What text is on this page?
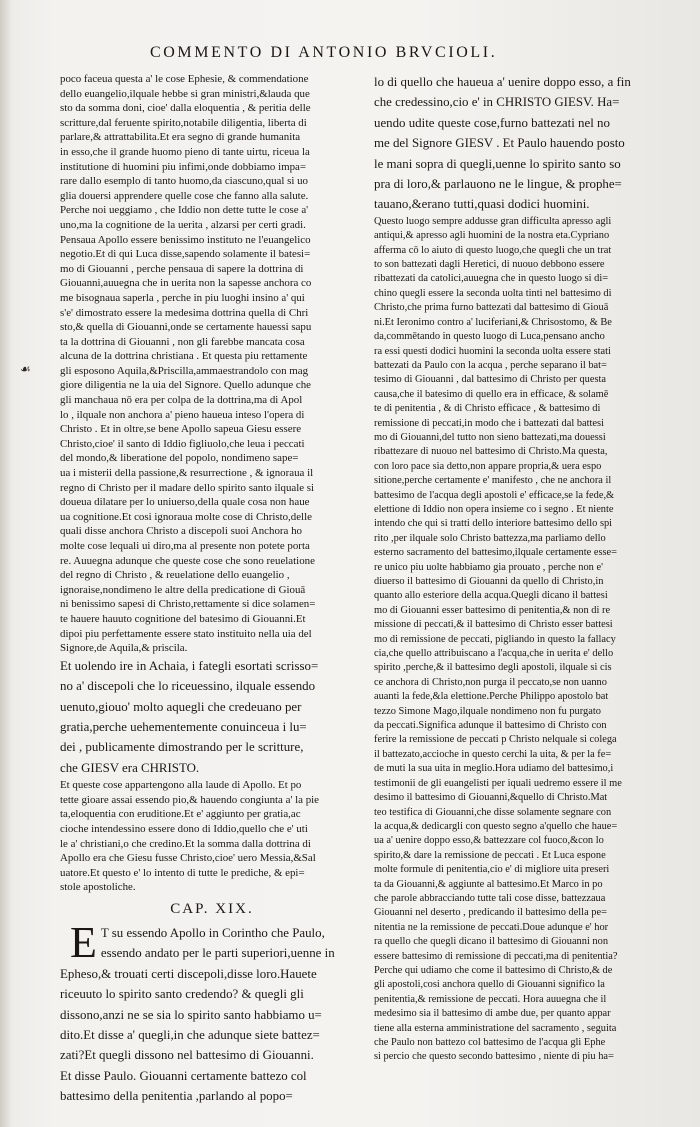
COMMENTO DI ANTONIO BRVCIOLI.
☙
poco faceua questa a' le cose Ephesie, & commendatione
dello euangelio,ilquale hebbe si gran ministri,&lauda que
sto da somma doni, cioe' dalla eloquentia , & peritia delle
scritture,dal feruente spirito,notabile diligentia, liberta di
parlare,& attrattabilita.Et era segno di grande humanita
in esso,che il grande huomo pieno di tante uirtu, riceua la
institutione di huomini piu infimi,onde dobbiamo impa=
rare dallo esemplo di tanto huomo,da ciascuno,qual si uo
glia douersi apprendere quelle cose che fanno alla salute.
Perche noi ueggiamo , che Iddio non dette tutte le cose a'
uno,ma la cognitione de la uerita , alzarsi per certi gradi.
Pensaua Apollo essere benissimo instituto ne l'euangelico
negotio.Et di qui Luca disse,sapendo solamente il batesi=
mo di Giouanni , perche pensaua di sapere la dottrina di
Giouanni,auuegna che in uerita non la sapesse anchora co
me bisognaua saperla , perche in piu luoghi insino a' qui
s'e' dimostrato essere la medesima dottrina quella di Chri
sto,& quella di Giouanni,onde se certamente hauessi sapu
ta la dottrina di Giouanni , non gli farebbe mancata cosa
alcuna de la dottrina christiana . Et questa piu rettamente
gli esposono Aquila,&Priscilla,ammaestrandolo con mag
giore diligentia ne la uia del Signore. Quello adunque che
gli manchaua nō era per colpa de la dottrina,ma di Apol
lo , ilquale non anchora a' pieno haueua inteso l'opera di
Christo . Et in oltre,se bene Apollo sapeua Giesu essere
Christo,cioe' il santo di Iddio figliuolo,che leua i peccati
del mondo,& liberatione del popolo, nondimeno sape=
ua i misterii della passione,& resurrectione , & ignoraua il
regno di Christo per il madare dello spirito santo ilquale si
doueua dilatare per lo uniuerso,della quale cosa non haue
ua cognitione.Et cosi ignoraua molte cose di Christo,delle
quali disse anchora Christo a discepoli suoi Anchora ho
molte cose lequali ui diro,ma al presente non potete porta
re. Auuegna adunque che queste cose che sono reuelatione
del regno di Christo , & reuelatione dello euangelio ,
ignoraise,nondimeno le altre della predicatione di Giouā
ni benissimo sapesi di Christo,rettamente si dice solamen=
te hauere hauuto cognitione del batesimo di Giouanni.Et
dipoi piu perfettamente essere stato instituito nella uia del
Signore,de Aquila,& priscila.
Et uolendo ire in Achaia, i fategli esortati scrisso=
no a' discepoli che lo riceuessino, ilquale essendo
uenuto,giouo' molto aquegli che credeuano per
gratia,perche uehementemente conuinceua i lu=
dei , publicamente dimostrando per le scritture,
che GIESV era CHRISTO.
Et queste cose appartengono alla laude di Apollo. Et po
tette gioare assai essendo pio,& hauendo congiunta a' la pie
ta,eloquentia con eruditione.Et e' aggiunto per gratia,ac
cioche intendessino essere dono di Iddio,quello che e' uti
le a' christiani,o che credino.Et la somma dalla dottrina di
Apollo era che Giesu fusse Christo,cioe' uero Messia,&Sal
uatore.Et questo e' lo intento di tutte le prediche, & epi=
stole apostoliche.
CAP. XIX.
E T su essendo Apollo in Corintho che Paulo,
essendo andato per le parti superiori,uenne in
Epheso,& trouati certi discepoli,disse loro.Hauete
riceuuto lo spirito santo credendo? & quegli gli
dissono,anzi ne se sia lo spirito santo habbiamo u=
dito.Et disse a' quegli,in che adunque siete battez=
zati?Et quegli dissono nel battesimo di Giouanni.
Et disse Paulo. Giouanni certamente battezo col
battesimo della penitentia ,parlando al popo=
lo di quello che haueua a' uenire doppo esso, a fin
che credessino,cio e' in CHRISTO GIESV. Ha=
uendo udite queste cose,furno battezati nel no
me del Signore GIESV . Et Paulo hauendo posto
le mani sopra di quegli,uenne lo spirito santo so
pra di loro,& parlauono ne le lingue, & prophe=
tauano,&erano tutti,quasi dodici huomini.
Questo luogo sempre addusse gran difficulta apresso agli
antiqui,& apresso agli huomini de la nostra eta.Cypriano
afferma cō lo aiuto di questo luogo,che quegli che un trat
to son battezati dagli Heretici, di nuouo debbono essere
ribattezati da catolici,auuegna che in questo luogo si di=
chino quegli essere la seconda uolta tinti nel battesimo di
Christo,che prima furno battezati dal battesimo di Giouā
ni.Et Ieronimo contro a' luciferiani,& Chrisostomo, & Be
da,commētando in questo luogo di Luca,pensano ancho
ra essi questi dodici huomini la seconda uolta essere stati
battezati da Paulo con la acqua , perche separano il bat=
tesimo di Giouanni , dal battesimo di Christo per questa
causa,che il batesimo di quello era in efficace, & solamē
te di penitentia , & di Christo efficace , & battesimo di
remissione di peccati,in modo che i battezati dal battesi
mo di Giouanni,del tutto non sieno battezati,ma douessi
ribattezare di nuouo nel battesimo di Christo.Ma questa,
con loro pace sia detto,non appare propria,& uera espo
sitione,perche certamente e' manifesto , che ne anchora il
battesimo de l'acqua degli apostoli e' efficace,se la fede,&
elettione di Iddio non opera insieme co i segno . Et niente
intendo che qui si tratti dello interiore battesimo dello spi
rito ,per ilquale solo Christo battezza,ma parliamo dello
esterno sacramento del battesimo,ilquale certamente esse=
re unico piu uolte habbiamo gia prouato , perche non e'
diuerso il battesimo di Giouanni da quello di Christo,in
quanto allo esteriore della acqua.Quegli dicano il battesi
mo di Giouanni esser battesimo di penitentia,& non di re
missione di peccati,& il battesimo di Christo esser battesi
mo di remissione de peccati, pigliando in questo la fallacy
cia,che quello attribuiscano a l'acqua,che in uerita e' dello
spirito ,perche,& il battesimo degli apostoli, ilquale si cis
ce anchora di Christo,non purga il peccato,se non uanno
auanti la fede,&la elettione.Perche Philippo apostolo bat
tezzo Simone Mago,ilquale nondimeno non fu purgato
da peccati.Significa adunque il battesimo di Christo con
ferire la remissione de peccati p Christo nelquale si colega
il battezato,accioche in questo cerchi la uita, & per la fe=
de muti la sua uita in meglio.Hora udiamo del battesimo,i
testimonii de gli euangelisti per iquali uedremo essere il me
desimo il battesimo di Giouanni,&quello di Christo.Mat
teo testifica di Giouanni,che disse solamente segnare con
la acqua,& dedicargli con questo segno a'quello che haue=
ua a' uenire doppo esso,& battezzare col fuoco,&con lo
spirito,& dare la remissione de peccati . Et Luca espone
molte formule di penitentia,cio e' di migliore uita preseri
ta da Giouanni,& aggiunte al battesimo.Et Marco in po
che parole abbracciando tutte tali cose disse, battezzaua
Giouanni nel deserto , predicando il battesimo della pe=
nitentia ne la remissione de peccati.Doue adunque e' hor
ra quello che quegli dicano il battesimo di Giouanni non
essere battesimo di remissione di peccati,ma di penitentia?
Perche qui udiamo che come il battesimo di Christo,& de
gli apostoli,cosi anchora quello di Giouanni significo la
penitentia,& remissione de peccati. Hora auuegna che il
medesimo sia il battesimo di ambe due, per quanto appar
tiene alla esterna amministratione del sacramento , seguita
che Paulo non battezo col battesimo de l'acqua gli Ephe
si percio che questo secondo battesimo , niente di piu ha=
